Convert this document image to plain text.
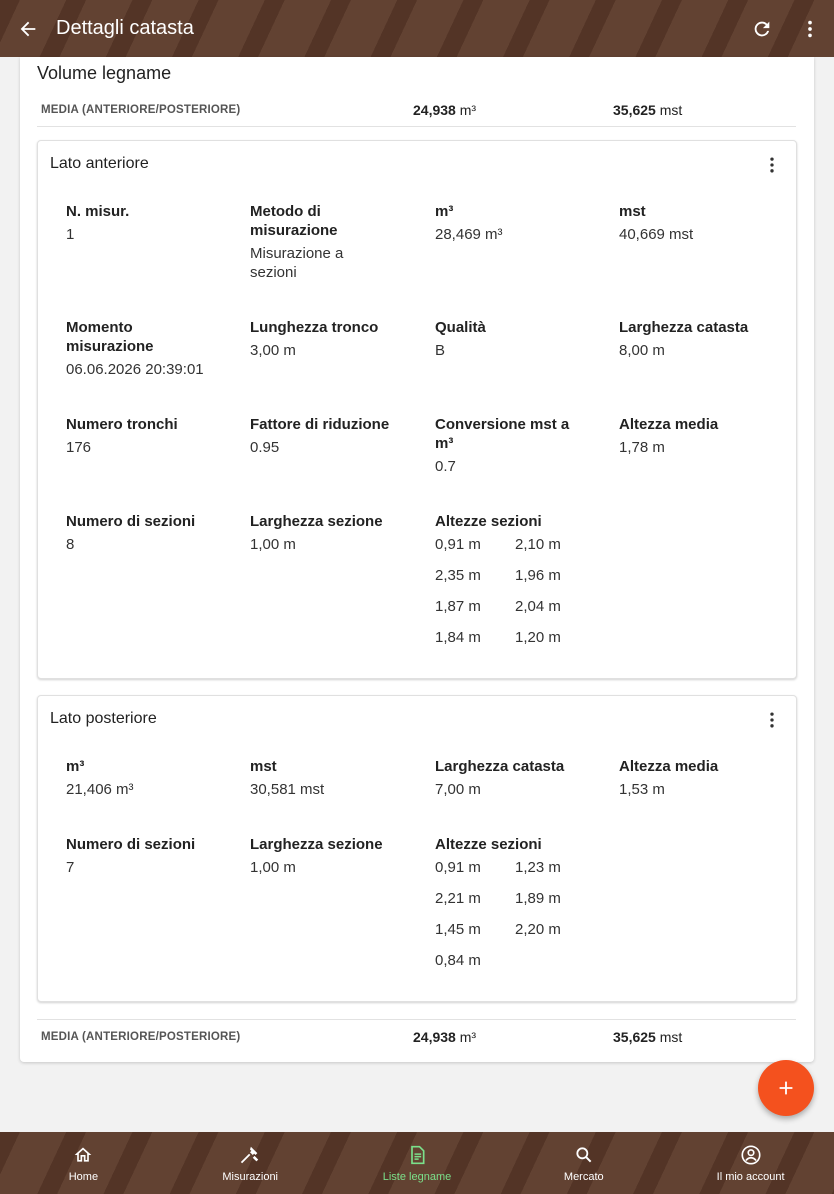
Dettagli catasta
Volume legname
MEDIA (ANTERIORE/POSTERIORE)	24,938 m³	35,625 mst
Lato anteriore
N. misur.
1
Metodo di misurazione
Misurazione a sezioni
m³
28,469 m³
mst
40,669 mst
Momento misurazione
06.06.2026 20:39:01
Lunghezza tronco
3,00 m
Qualità
B
Larghezza catasta
8,00 m
Numero tronchi
176
Fattore di riduzione
0.95
Conversione mst a m³
0.7
Altezza media
1,78 m
Numero di sezioni
8
Larghezza sezione
1,00 m
Altezze sezioni
0,91 m	2,10 m
2,35 m	1,96 m
1,87 m	2,04 m
1,84 m	1,20 m
Lato posteriore
m³
21,406 m³
mst
30,581 mst
Larghezza catasta
7,00 m
Altezza media
1,53 m
Numero di sezioni
7
Larghezza sezione
1,00 m
Altezze sezioni
0,91 m	1,23 m
2,21 m	1,89 m
1,45 m	2,20 m
0,84 m
MEDIA (ANTERIORE/POSTERIORE)	24,938 m³	35,625 mst
Home	Misurazioni	Liste legname	Mercato	Il mio account
